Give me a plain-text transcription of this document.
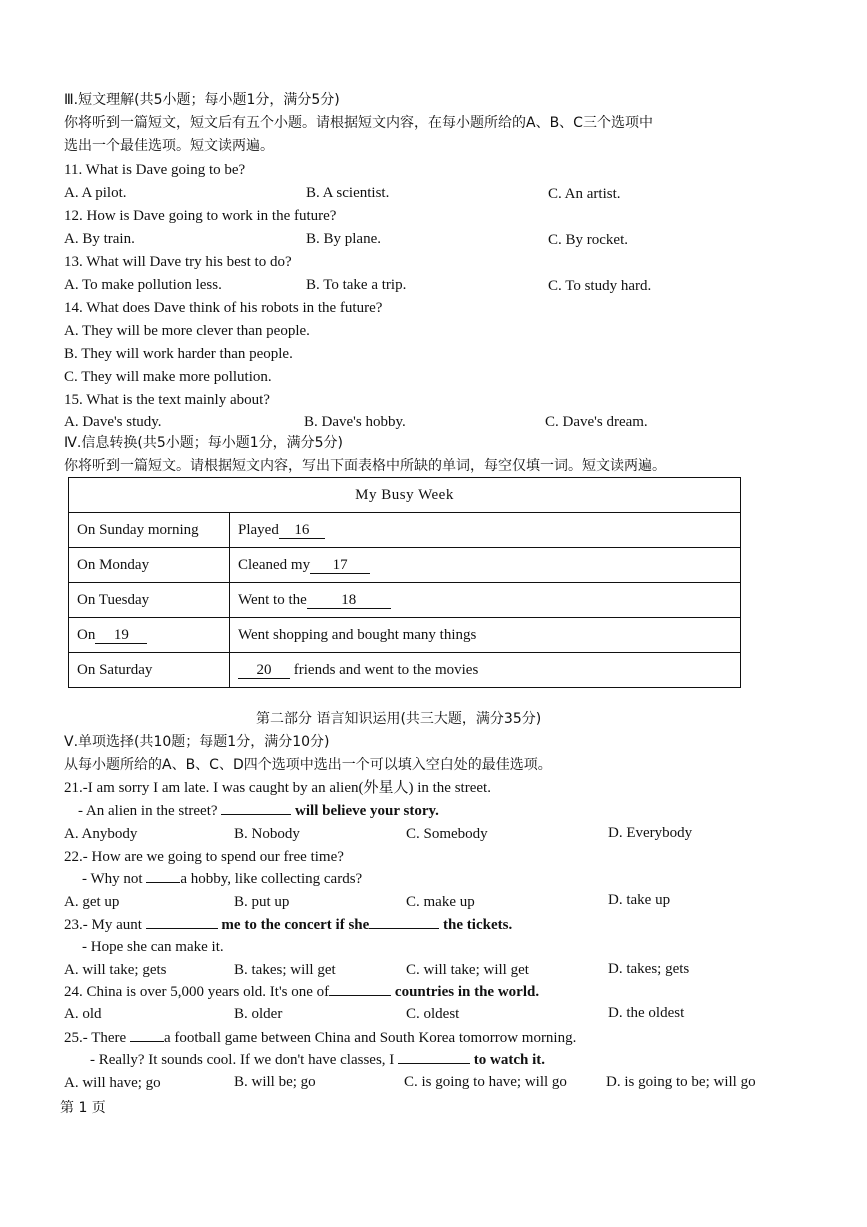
Ⅲ.短文理解(共5小题；每小题1分，满分5分)
你将听到一篇短文，短文后有五个小题。请根据短文内容，在每小题所给的A、B、C三个选项中
选出一个最佳选项。短文读两遍。
11. What is Dave going to be?
A. A pilot.	B. A scientist.	C. An artist.
12. How is Dave going to work in the future?
A. By train.	B. By plane.	C. By rocket.
13. What will Dave try his best to do?
A. To make pollution less.	B. To take a trip.	C. To study hard.
14. What does Dave think of his robots in the future?
A. They will be more clever than people.
B. They will work harder than people.
C. They will make more pollution.
15. What is the text mainly about?
A. Dave's study.	B. Dave's hobby.	C. Dave's dream.
Ⅳ.信息转换(共5小题；每小题1分，满分5分)
你将听到一篇短文。请根据短文内容，写出下面表格中所缺的单词，每空仅填一词。短文读两遍。
My Busy Week	
On Sunday morning	Played 16
On Monday	Cleaned my 17
On Tuesday	Went to the 18
On 19	Went shopping and bought many things
On Saturday	20 friends and went to the movies
第二部分 语言知识运用(共三大题，满分35分)
Ⅴ.单项选择(共10题；每题1分，满分10分)
从每小题所给的A、B、C、D四个选项中选出一个可以填入空白处的最佳选项。
21.-I am sorry I am late. I was caught by an alien(外星人) in the street.
- An alien in the street?	will believe your story.
A. Anybody	B. Nobody	C. Somebody	D. Everybody
22.- How are we going to spend our free time?
- Why not	a hobby, like collecting cards?
A. get up	B. put up	C. make up	D. take up
23.- My aunt	me to the concert if she	the tickets.
- Hope she can make it.
A. will take; gets	B. takes; will get	C. will take; will get	D. takes; gets
24. China is over 5,000 years old. It's one of	countries in the world.
A. old	B. older	C. oldest	D. the oldest
25.- There	a football game between China and South Korea tomorrow morning.
- Really? It sounds cool. If we don't have classes, I	to watch it.
A. will have; go	B. will be; go	C. is going to have; will go	D. is going to be; will go
第 1 页
